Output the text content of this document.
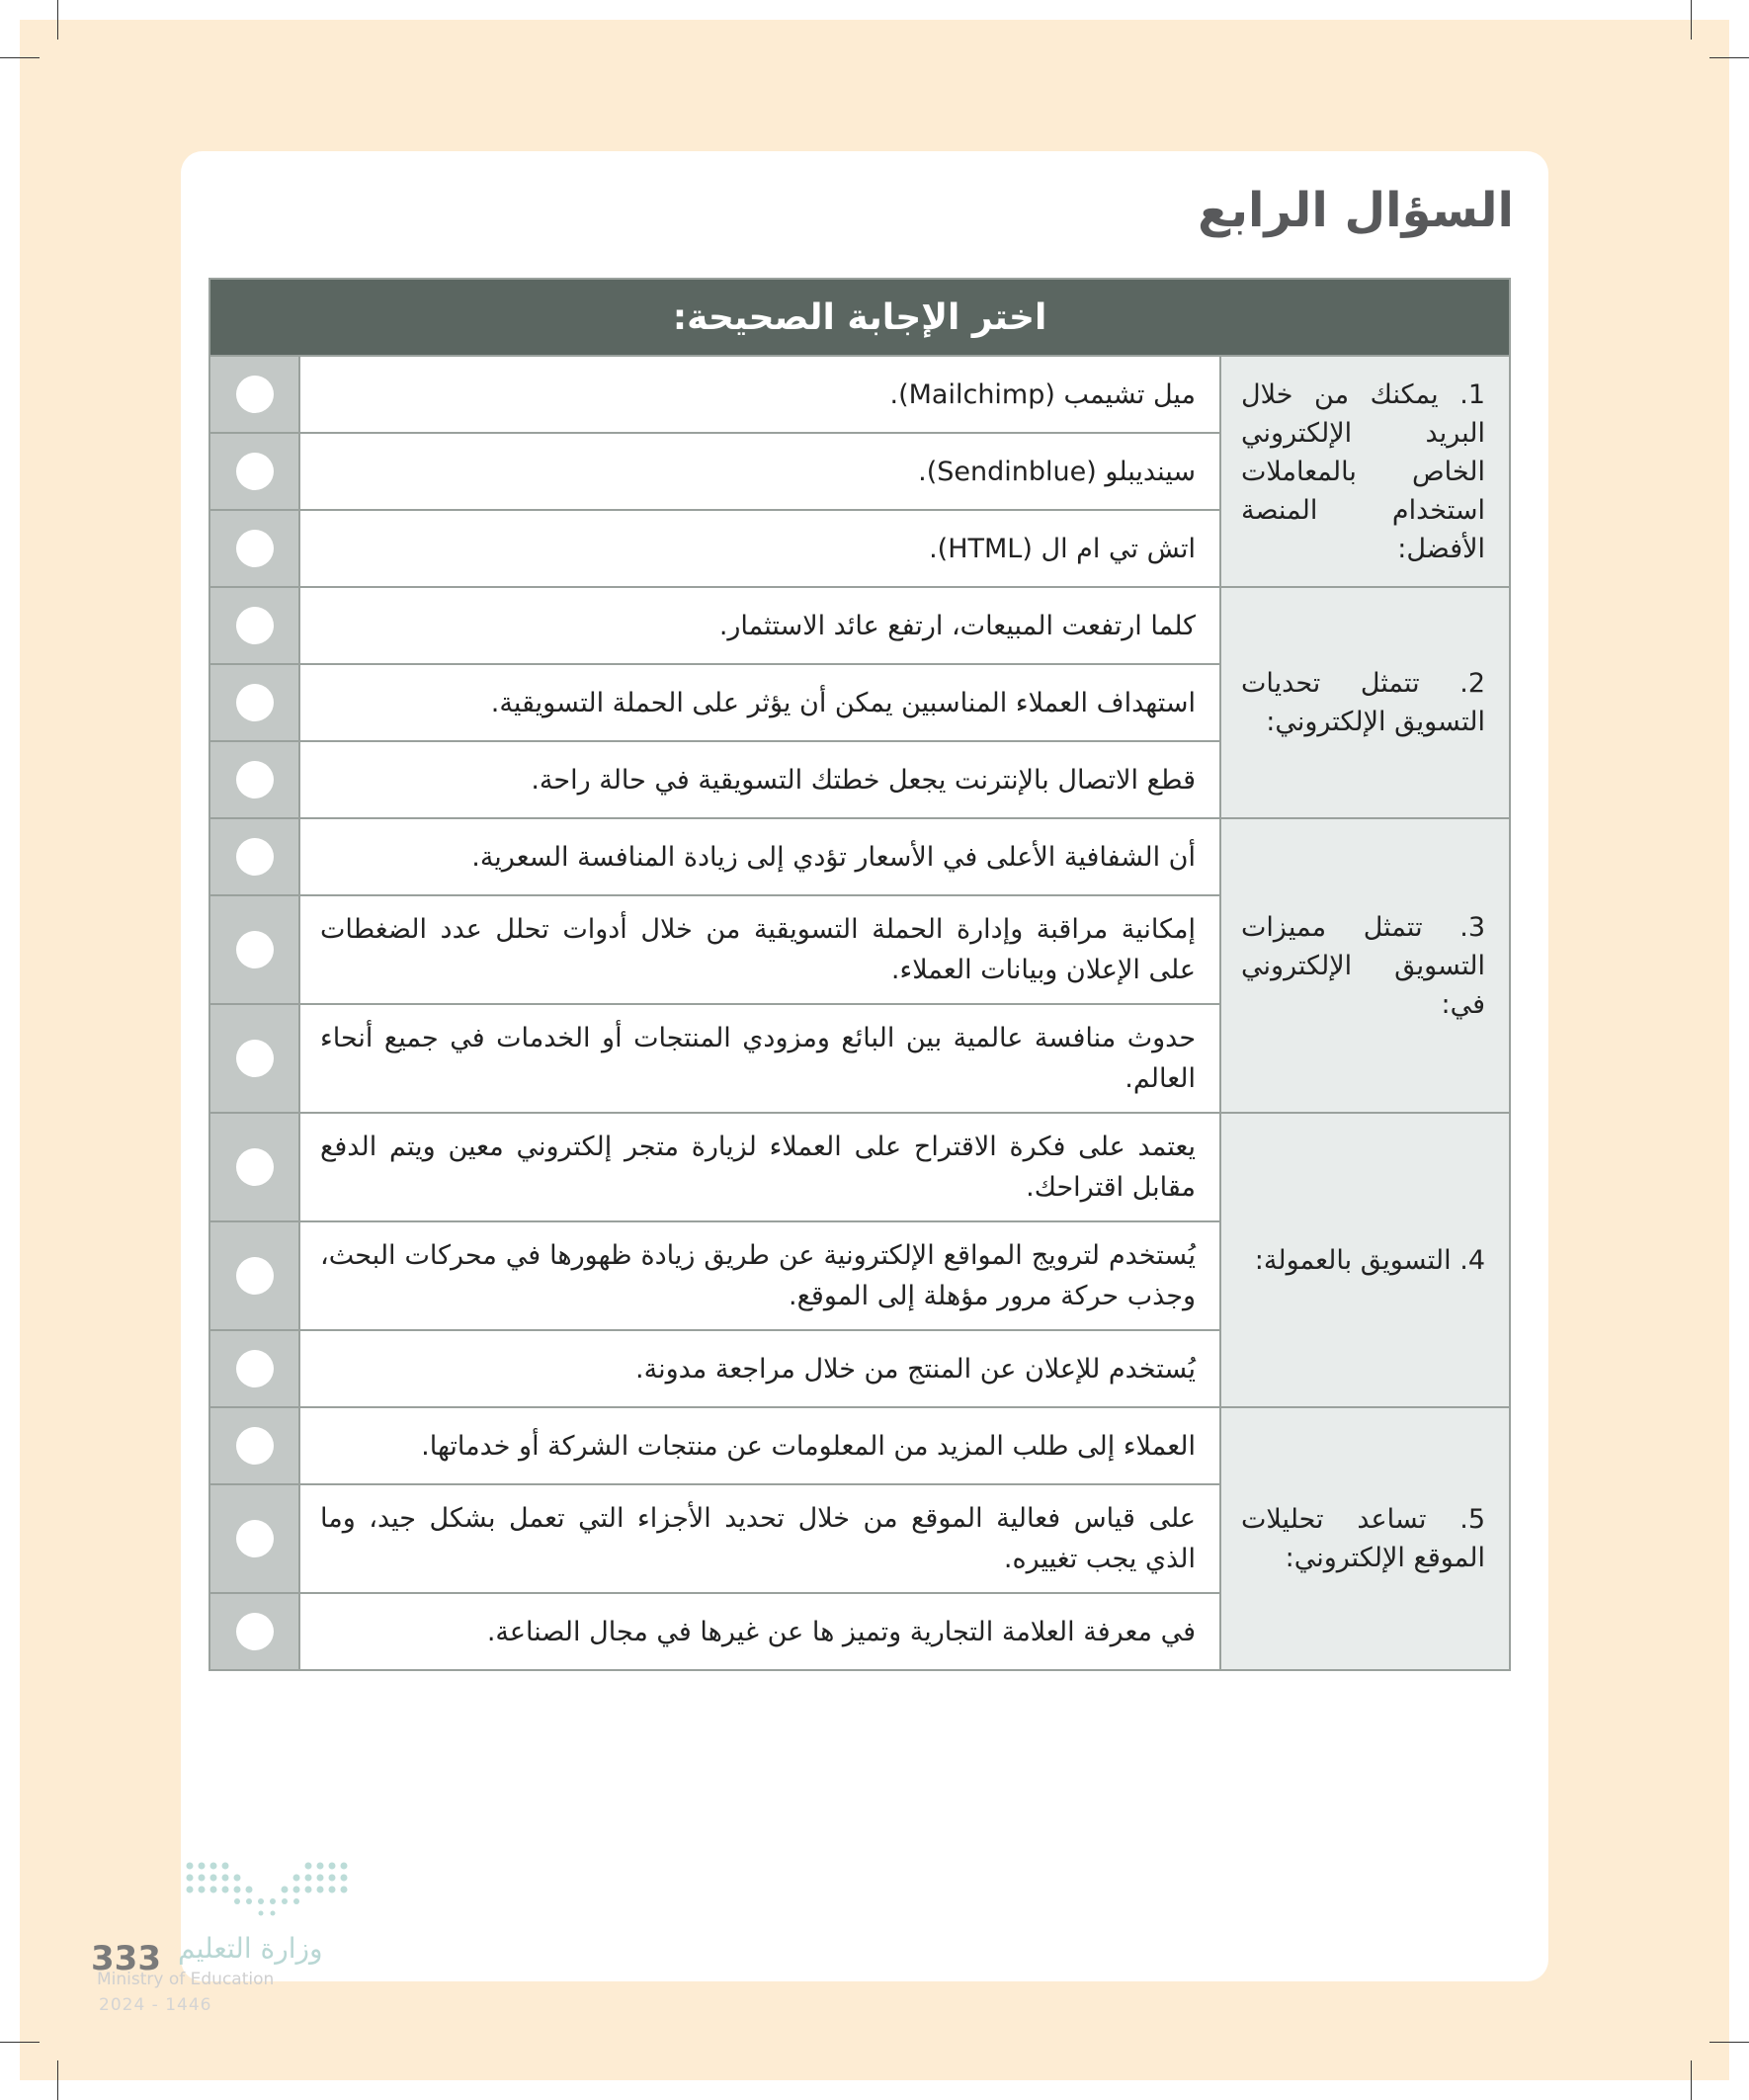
السؤال الرابع
اختر الإجابة الصحيحة:		
1. يمكنك من خلال البريد الإلكتروني الخاص بالمعاملات استخدام المنصة الأفضل:	ميل تشيمب (Mailchimp).	
	سينديبلو (Sendinblue).	
	اتش تي ام ال (HTML).	
2. تتمثل تحديات التسويق الإلكتروني:	كلما ارتفعت المبيعات، ارتفع عائد الاستثمار.	
	استهداف العملاء المناسبين يمكن أن يؤثر على الحملة التسويقية.	
	قطع الاتصال بالإنترنت يجعل خطتك التسويقية في حالة راحة.	
3. تتمثل مميزات التسويق الإلكتروني في:	أن الشفافية الأعلى في الأسعار تؤدي إلى زيادة المنافسة السعرية.	
	إمكانية مراقبة وإدارة الحملة التسويقية من خلال أدوات تحلل عدد الضغطات على الإعلان وبيانات العملاء.	
	حدوث منافسة عالمية بين البائع ومزودي المنتجات أو الخدمات في جميع أنحاء العالم.	
4. التسويق بالعمولة:	يعتمد على فكرة الاقتراح على العملاء لزيارة متجر إلكتروني معين ويتم الدفع مقابل اقتراحك.	
	يُستخدم لترويج المواقع الإلكترونية عن طريق زيادة ظهورها في محركات البحث، وجذب حركة مرور مؤهلة إلى الموقع.	
	يُستخدم للإعلان عن المنتج من خلال مراجعة مدونة.	
5. تساعد تحليلات الموقع الإلكتروني:	العملاء إلى طلب المزيد من المعلومات عن منتجات الشركة أو خدماتها.	
	على قياس فعالية الموقع من خلال تحديد الأجزاء التي تعمل بشكل جيد، وما الذي يجب تغييره.	
	في معرفة العلامة التجارية وتميز ها عن غيرها في مجال الصناعة.	
وزارة التعليم
333
Ministry of Education
2024 - 1446
